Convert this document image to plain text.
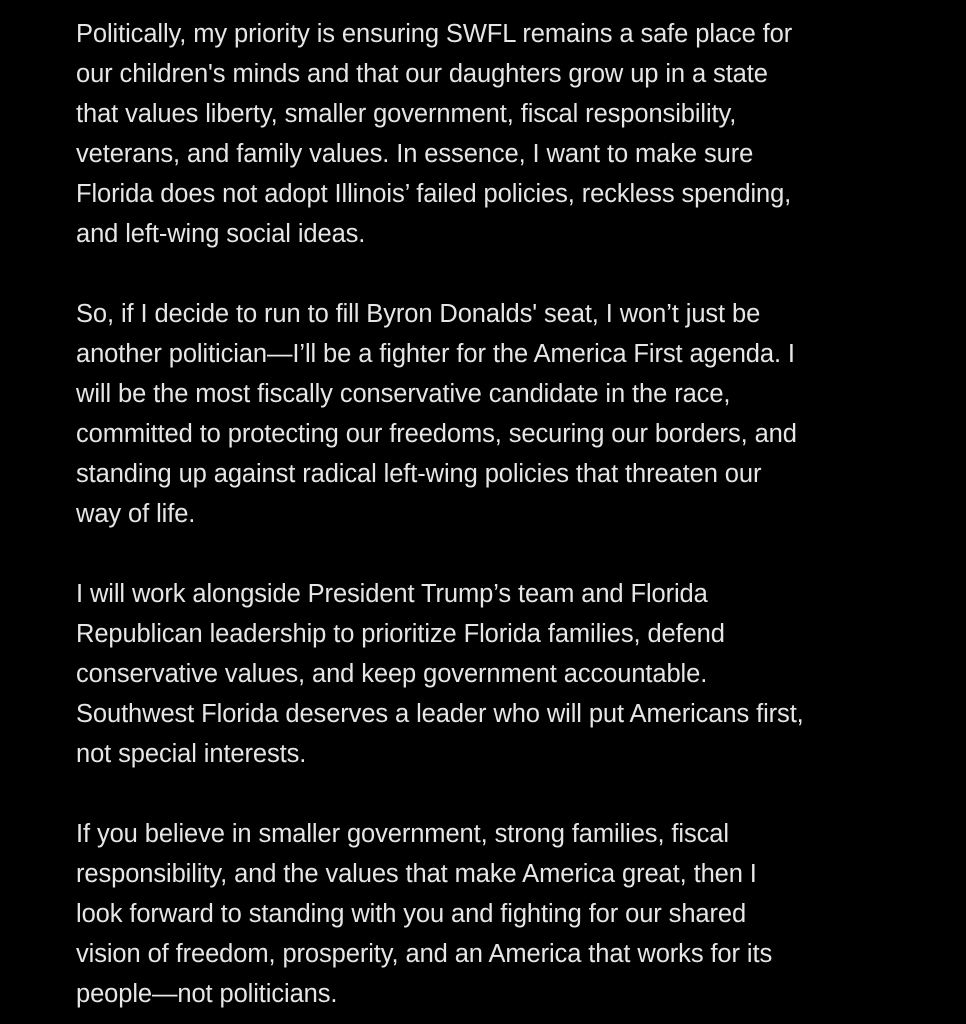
Politically, my priority is ensuring SWFL remains a safe place for
our children's minds and that our daughters grow up in a state
that values liberty, smaller government, fiscal responsibility,
veterans, and family values. In essence, I want to make sure
Florida does not adopt Illinois’ failed policies, reckless spending,
and left-wing social ideas.

So, if I decide to run to fill Byron Donalds' seat, I won’t just be
another politician—I’ll be a fighter for the America First agenda. I
will be the most fiscally conservative candidate in the race,
committed to protecting our freedoms, securing our borders, and
standing up against radical left-wing policies that threaten our
way of life.

I will work alongside President Trump’s team and Florida
Republican leadership to prioritize Florida families, defend
conservative values, and keep government accountable.
Southwest Florida deserves a leader who will put Americans first,
not special interests.

If you believe in smaller government, strong families, fiscal
responsibility, and the values that make America great, then I
look forward to standing with you and fighting for our shared
vision of freedom, prosperity, and an America that works for its
people—not politicians.
